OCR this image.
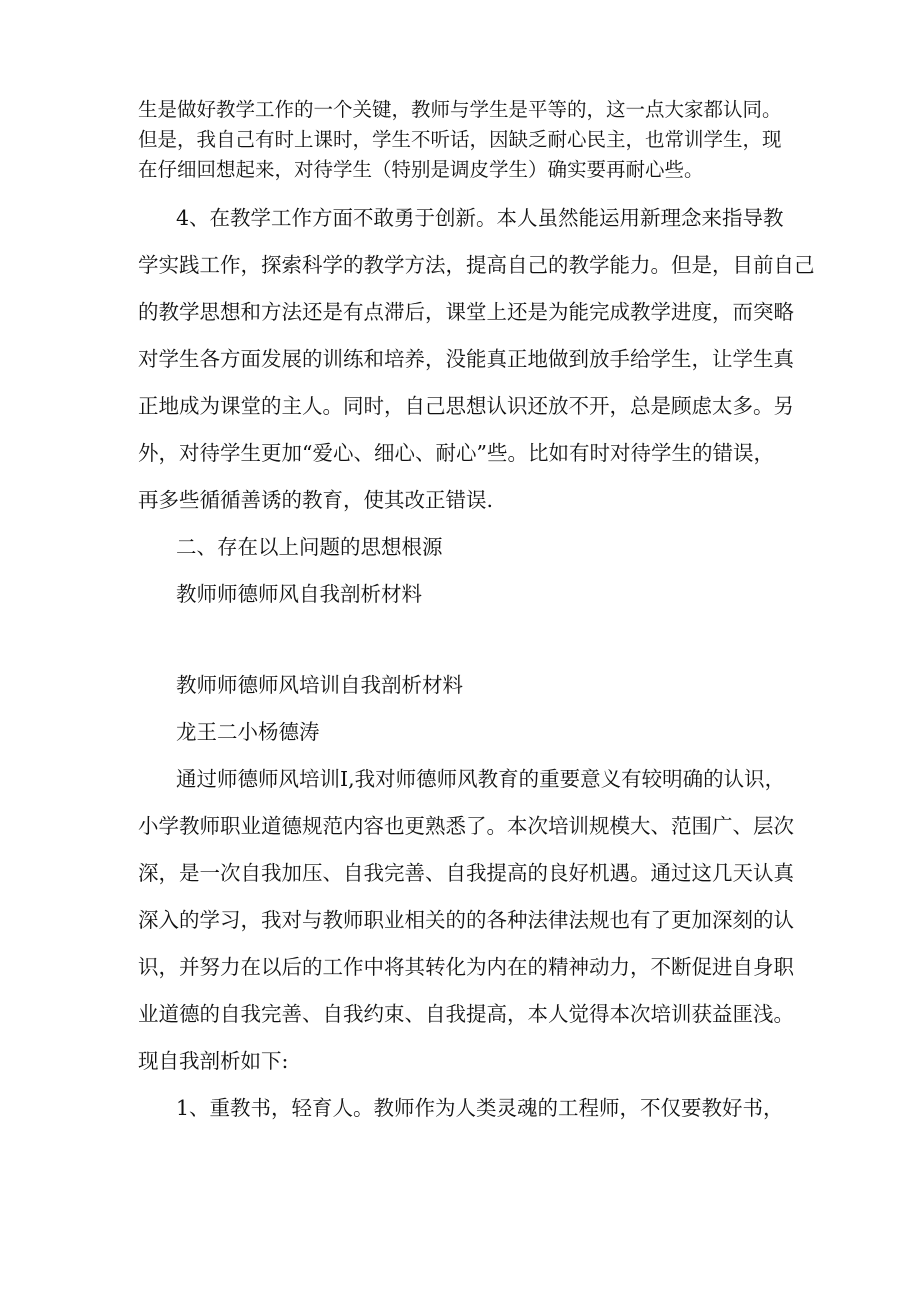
生是做好教学工作的一个关键，教师与学生是平等的，这一点大家都认同。

但是，我自己有时上课时，学生不听话，因缺乏耐心民主，也常训学生，现

在仔细回想起来，对待学生（特别是调皮学生）确实要再耐心些。

4、在教学工作方面不敢勇于创新。本人虽然能运用新理念来指导教

学实践工作，探索科学的教学方法，提高自己的教学能力。但是，目前自己

的教学思想和方法还是有点滞后，课堂上还是为能完成教学进度，而突略

对学生各方面发展的训练和培养，没能真正地做到放手给学生，让学生真

正地成为课堂的主人。同时，自己思想认识还放不开，总是顾虑太多。另

外，对待学生更加“爱心、细心、耐心”些。比如有时对待学生的错误，

再多些循循善诱的教育，使其改正错误.

二、存在以上问题的思想根源

教师师德师风自我剖析材料

教师师德师风培训自我剖析材料

龙王二小杨德涛

通过师德师风培训Ⅰ,我对师德师风教育的重要意义有较明确的认识，

小学教师职业道德规范内容也更熟悉了。本次培训规模大、范围广、层次

深，是一次自我加压、自我完善、自我提高的良好机遇。通过这几天认真

深入的学习，我对与教师职业相关的的各种法律法规也有了更加深刻的认

识，并努力在以后的工作中将其转化为内在的精神动力，不断促进自身职

业道德的自我完善、自我约束、自我提高，本人觉得本次培训获益匪浅。

现自我剖析如下:

1、重教书，轻育人。教师作为人类灵魂的工程师，不仅要教好书，
